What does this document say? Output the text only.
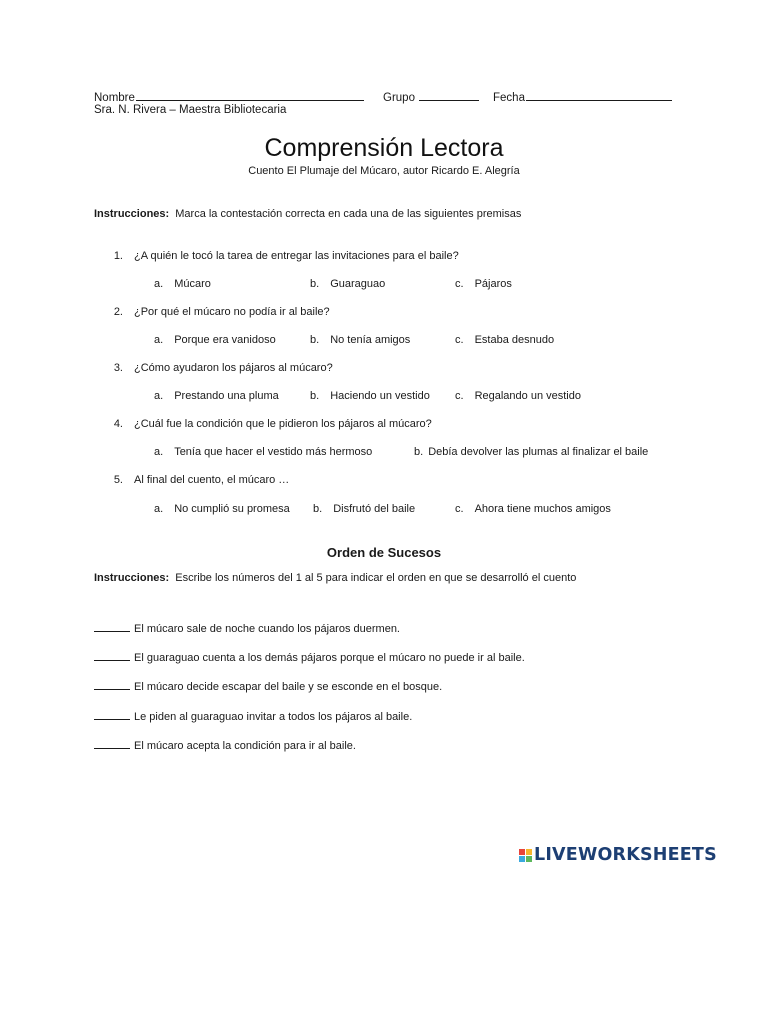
Nombre	Grupo	Fecha
Sra. N. Rivera – Maestra Bibliotecaria
Comprensión Lectora
Cuento El Plumaje del Múcaro, autor Ricardo E. Alegría
Instrucciones: Marca la contestación correcta en cada una de las siguientes premisas
1. ¿A quién le tocó la tarea de entregar las invitaciones para el baile?
a. Múcaro	b. Guaraguao	c. Pájaros
2. ¿Por qué el múcaro no podía ir al baile?
a. Porque era vanidoso	b. No tenía amigos	c. Estaba desnudo
3. ¿Cómo ayudaron los pájaros al múcaro?
a. Prestando una pluma	b. Haciendo un vestido c. Regalando un vestido
4. ¿Cuál fue la condición que le pidieron los pájaros al múcaro?
a. Tenía que hacer el vestido más hermoso	b. Debía devolver las plumas al finalizar el baile
5. Al final del cuento, el múcaro …
a. No cumplió su promesa b. Disfrutó del baile	c. Ahora tiene muchos amigos
Orden de Sucesos
Instrucciones: Escribe los números del 1 al 5 para indicar el orden en que se desarrolló el cuento
El múcaro sale de noche cuando los pájaros duermen.
El guaraguao cuenta a los demás pájaros porque el múcaro no puede ir al baile.
El múcaro decide escapar del baile y se esconde en el bosque.
Le piden al guaraguao invitar a todos los pájaros al baile.
El múcaro acepta la condición para ir al baile.
LIVEWORKSHEETS
